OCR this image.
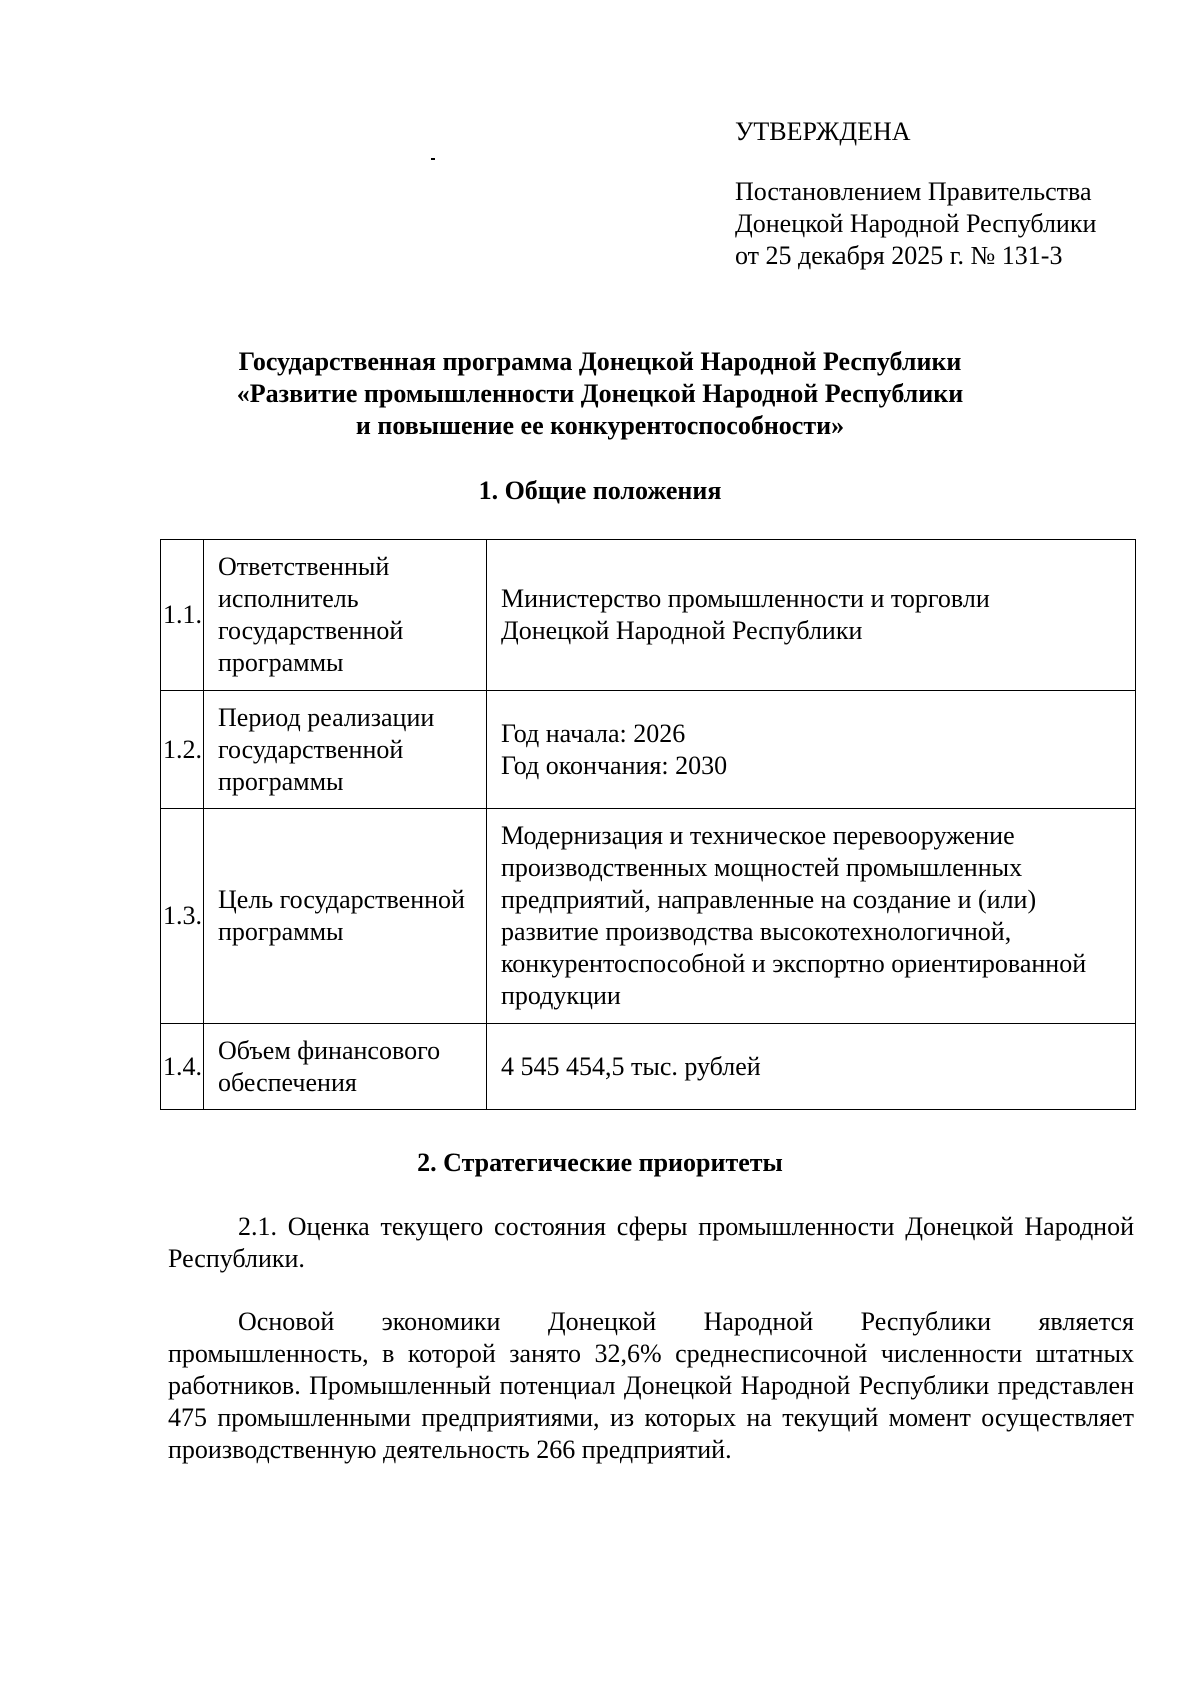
УТВЕРЖДЕНА
Постановлением Правительства
Донецкой Народной Республики
от 25 декабря 2025 г. № 131-3
Государственная программа Донецкой Народной Республики
«Развитие промышленности Донецкой Народной Республики
и повышение ее конкурентоспособности»
1. Общие положения
1.1.	Ответственный исполнитель государственной программы	Министерство промышленности и торговли
Донецкой Народной Республики

1.2.	Период реализации государственной программы	Год начала: 2026
Год окончания: 2030

1.3.	Цель государственной программы	Модернизация и техническое перевооружение производственных мощностей промышленных предприятий, направленные на создание и (или) развитие производства высокотехнологичной, конкурентоспособной и экспортно ориентированной продукции

1.4.	Объем финансового обеспечения	4 545 454,5 тыс. рублей
2. Стратегические приоритеты
2.1. Оценка текущего состояния сферы промышленности Донецкой Народной Республики.
Основой экономики Донецкой Народной Республики является промышленность, в которой занято 32,6% среднесписочной численности штатных работников. Промышленный потенциал Донецкой Народной Республики представлен 475 промышленными предприятиями, из которых на текущий момент осуществляет производственную деятельность 266 предприятий.
